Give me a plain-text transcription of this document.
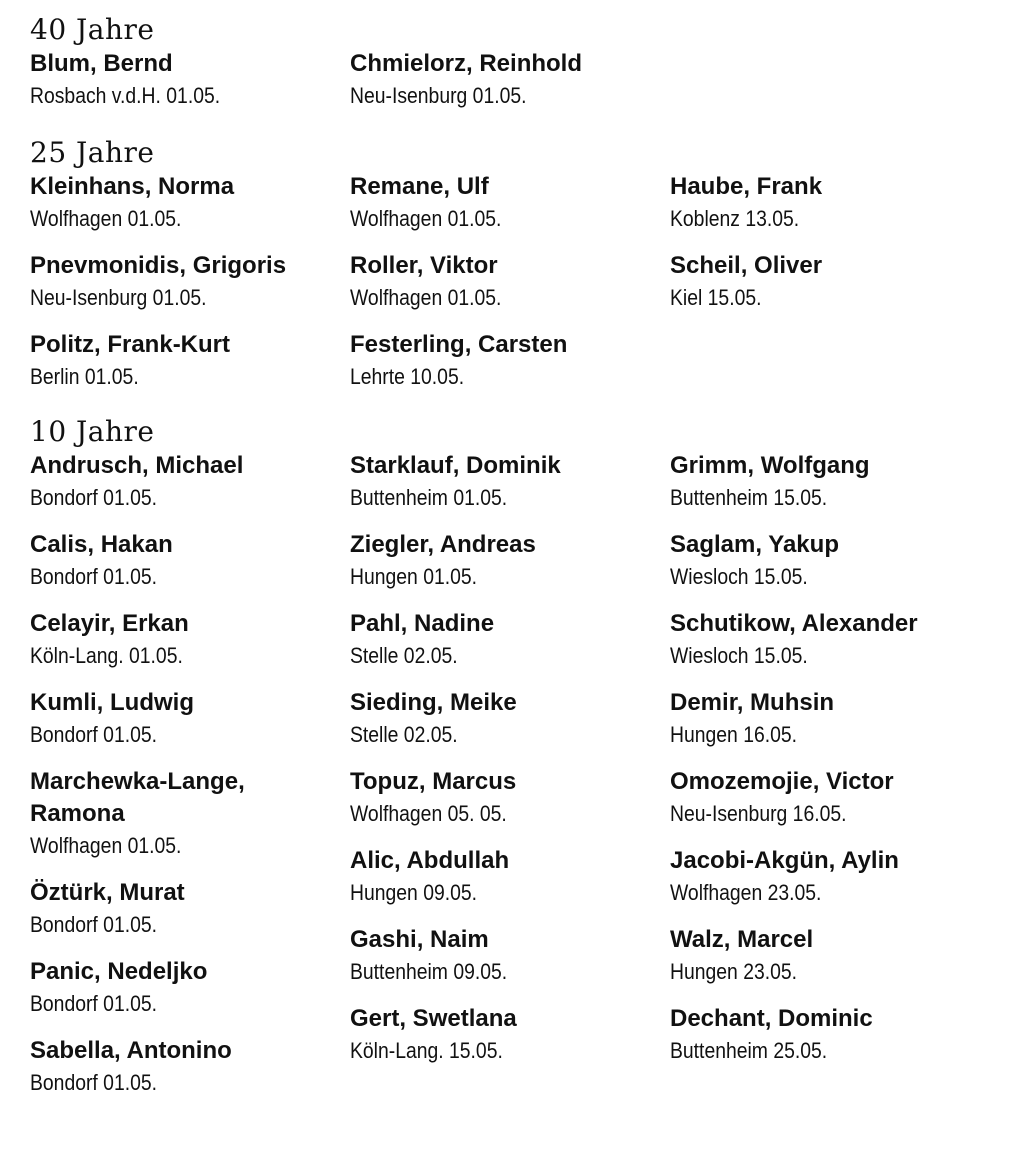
40 Jahre
Blum, Bernd
Rosbach v.d.H. 01.05.
Chmielorz, Reinhold
Neu-Isenburg 01.05.
25 Jahre
Kleinhans, Norma
Wolfhagen 01.05.
Pnevmonidis, Grigoris
Neu-Isenburg 01.05.
Politz, Frank-Kurt
Berlin 01.05.
Remane, Ulf
Wolfhagen 01.05.
Roller, Viktor
Wolfhagen 01.05.
Festerling, Carsten
Lehrte 10.05.
Haube, Frank
Koblenz 13.05.
Scheil, Oliver
Kiel 15.05.
10 Jahre
Andrusch, Michael
Bondorf 01.05.
Calis, Hakan
Bondorf 01.05.
Celayir, Erkan
Köln-Lang. 01.05.
Kumli, Ludwig
Bondorf 01.05.
Marchewka-Lange,
Ramona
Wolfhagen 01.05.
Öztürk, Murat
Bondorf 01.05.
Panic, Nedeljko
Bondorf 01.05.
Sabella, Antonino
Bondorf 01.05.
Starklauf, Dominik
Buttenheim 01.05.
Ziegler, Andreas
Hungen 01.05.
Pahl, Nadine
Stelle 02.05.
Sieding, Meike
Stelle 02.05.
Topuz, Marcus
Wolfhagen 05. 05.
Alic, Abdullah
Hungen 09.05.
Gashi, Naim
Buttenheim 09.05.
Gert, Swetlana
Köln-Lang. 15.05.
Grimm, Wolfgang
Buttenheim 15.05.
Saglam, Yakup
Wiesloch 15.05.
Schutikow, Alexander
Wiesloch 15.05.
Demir, Muhsin
Hungen 16.05.
Omozemojie, Victor
Neu-Isenburg 16.05.
Jacobi-Akgün, Aylin
Wolfhagen 23.05.
Walz, Marcel
Hungen 23.05.
Dechant, Dominic
Buttenheim 25.05.
